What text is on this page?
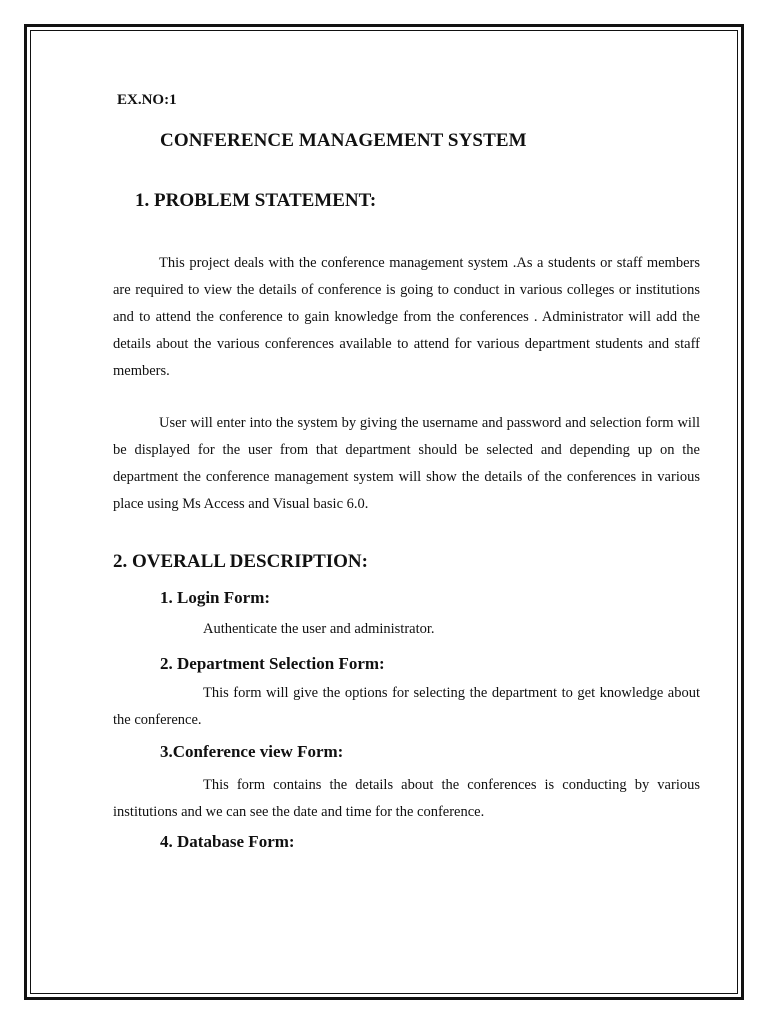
EX.NO:1
CONFERENCE MANAGEMENT SYSTEM
1. PROBLEM STATEMENT:
This project deals with the conference management system .As a students or staff members are required to view the details of conference is going to conduct in various colleges or institutions and to attend the conference to gain knowledge from the conferences . Administrator will add the details about the various conferences available to attend for various department students and staff members.
User will enter into the system by giving the username and password and selection form will be displayed for the user from that department should be selected and depending up on the department the conference management system will show the details of the conferences in various place using Ms Access and Visual basic 6.0.
2. OVERALL DESCRIPTION:
1. Login Form:
Authenticate the user and administrator.
2. Department Selection Form:
This form will give the options for selecting the department to get knowledge about the conference.
3.Conference view Form:
This form contains the details about the conferences is conducting by various institutions and we can see the date and time for the conference.
4. Database Form:
